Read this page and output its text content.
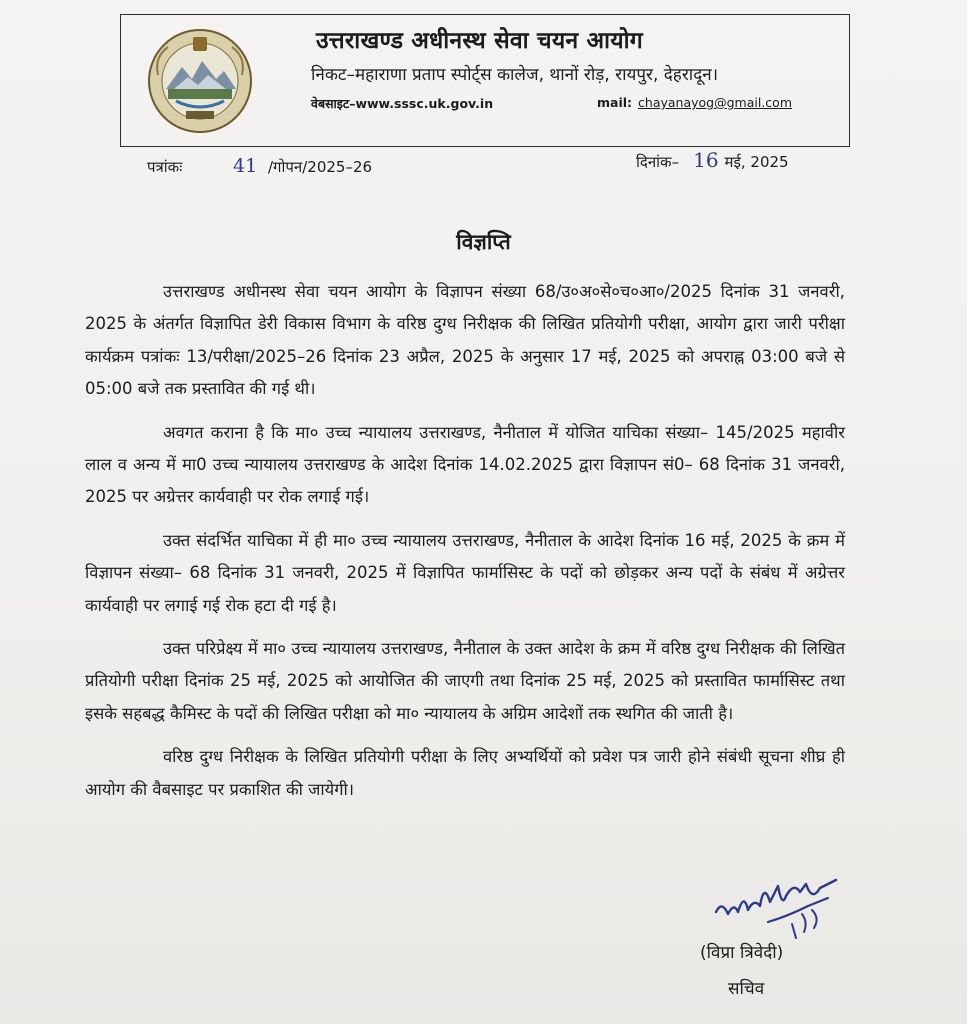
उत्तराखण्ड अधीनस्थ सेवा चयन आयोग
निकट–महाराणा प्रताप स्पोर्ट्स कालेज, थानों रोड़, रायपुर, देहरादून।
वेबसाइट–www.sssc.uk.gov.in	mail: chayanayog@gmail.com
पत्रांकः	41 /गोपन/2025–26	दिनांक– 16 मई, 2025
विज्ञप्ति

उत्तराखण्ड अधीनस्थ सेवा चयन आयोग के विज्ञापन संख्या 68/उ०अ०से०च०आ०/2025 दिनांक 31 जनवरी, 2025 के अंतर्गत विज्ञापित डेरी विकास विभाग के वरिष्ठ दुग्ध निरीक्षक की लिखित प्रतियोगी परीक्षा, आयोग द्वारा जारी परीक्षा कार्यक्रम पत्रांकः 13/परीक्षा/2025–26 दिनांक 23 अप्रैल, 2025 के अनुसार 17 मई, 2025 को अपराह्न 03:00 बजे से 05:00 बजे तक प्रस्तावित की गई थी।

अवगत कराना है कि मा० उच्च न्यायालय उत्तराखण्ड, नैनीताल में योजित याचिका संख्या– 145/2025 महावीर लाल व अन्य में मा0 उच्च न्यायालय उत्तराखण्ड के आदेश दिनांक 14.02.2025 द्वारा विज्ञापन सं0– 68 दिनांक 31 जनवरी, 2025 पर अग्रेत्तर कार्यवाही पर रोक लगाई गई।

उक्त संदर्भित याचिका में ही मा० उच्च न्यायालय उत्तराखण्ड, नैनीताल के आदेश दिनांक 16 मई, 2025 के क्रम में विज्ञापन संख्या– 68 दिनांक 31 जनवरी, 2025 में विज्ञापित फार्मासिस्ट के पदों को छोड़कर अन्य पदों के संबंध में अग्रेत्तर कार्यवाही पर लगाई गई रोक हटा दी गई है।

उक्त परिप्रेक्ष्य में मा० उच्च न्यायालय उत्तराखण्ड, नैनीताल के उक्त आदेश के क्रम में वरिष्ठ दुग्ध निरीक्षक की लिखित प्रतियोगी परीक्षा दिनांक 25 मई, 2025 को आयोजित की जाएगी तथा दिनांक 25 मई, 2025 को प्रस्तावित फार्मासिस्ट तथा इसके सहबद्ध कैमिस्ट के पदों की लिखित परीक्षा को मा० न्यायालय के अग्रिम आदेशों तक स्थगित की जाती है।

वरिष्ठ दुग्ध निरीक्षक के लिखित प्रतियोगी परीक्षा के लिए अभ्यर्थियों को प्रवेश पत्र जारी होने संबंधी सूचना शीघ्र ही आयोग की वैबसाइट पर प्रकाशित की जायेगी।

(विप्रा त्रिवेदी)
सचिव
